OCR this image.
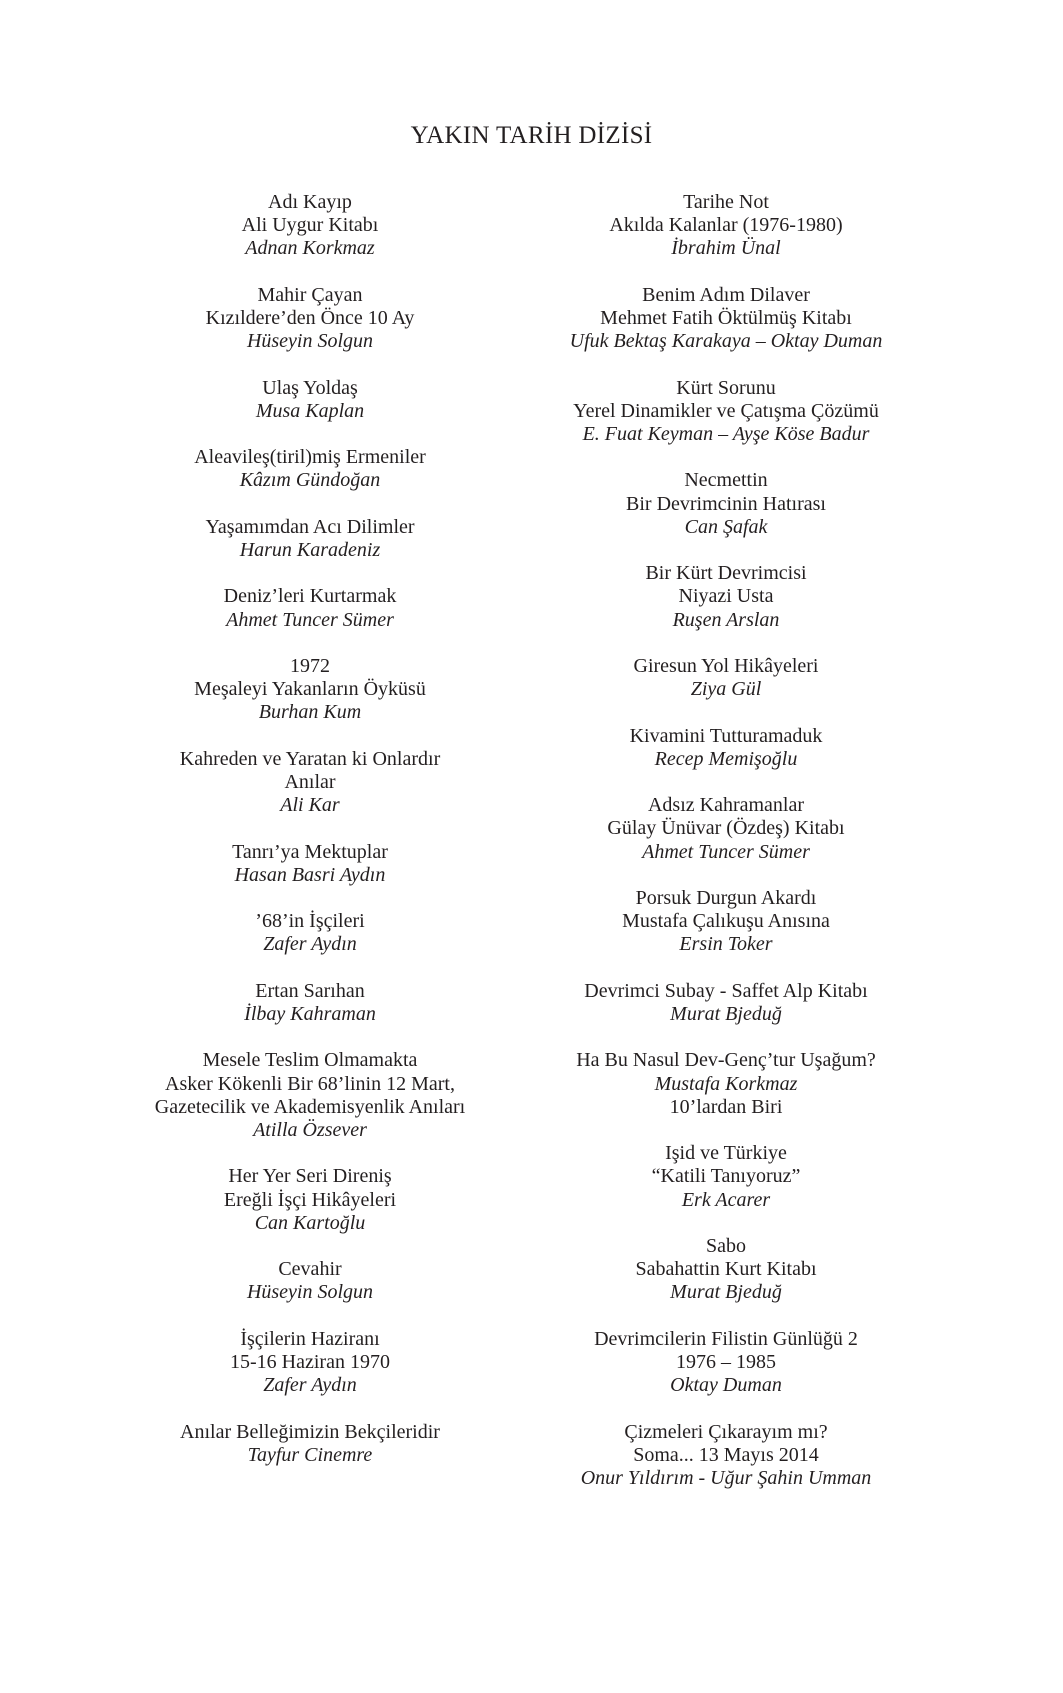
YAKIN TARİH DİZİSİ
Adı Kayıp
Ali Uygur Kitabı
Adnan Korkmaz
Mahir Çayan
Kızıldere’den Önce 10 Ay
Hüseyin Solgun
Ulaş Yoldaş
Musa Kaplan
Aleavileş(tiril)miş Ermeniler
Kâzım Gündoğan
Yaşamımdan Acı Dilimler
Harun Karadeniz
Deniz’leri Kurtarmak
Ahmet Tuncer Sümer
1972
Meşaleyi Yakanların Öyküsü
Burhan Kum
Kahreden ve Yaratan ki Onlardır
Anılar
Ali Kar
Tanrı’ya Mektuplar
Hasan Basri Aydın
’68’in İşçileri
Zafer Aydın
Ertan Sarıhan
İlbay Kahraman
Mesele Teslim Olmamakta
Asker Kökenli Bir 68’linin 12 Mart,
Gazetecilik ve Akademisyenlik Anıları
Atilla Özsever
Her Yer Seri Direniş
Ereğli İşçi Hikâyeleri
Can Kartoğlu
Cevahir
Hüseyin Solgun
İşçilerin Haziranı
15-16 Haziran 1970
Zafer Aydın
Anılar Belleğimizin Bekçileridir
Tayfur Cinemre
Tarihe Not
Akılda Kalanlar (1976-1980)
İbrahim Ünal
Benim Adım Dilaver
Mehmet Fatih Öktülmüş Kitabı
Ufuk Bektaş Karakaya – Oktay Duman
Kürt Sorunu
Yerel Dinamikler ve Çatışma Çözümü
E. Fuat Keyman – Ayşe Köse Badur
Necmettin
Bir Devrimcinin Hatırası
Can Şafak
Bir Kürt Devrimcisi
Niyazi Usta
Ruşen Arslan
Giresun Yol Hikâyeleri
Ziya Gül
Kivamini Tutturamaduk
Recep Memişoğlu
Adsız Kahramanlar
Gülay Ünüvar (Özdeş) Kitabı
Ahmet Tuncer Sümer
Porsuk Durgun Akardı
Mustafa Çalıkuşu Anısına
Ersin Toker
Devrimci Subay - Saffet Alp Kitabı
Murat Bjeduğ
Ha Bu Nasul Dev-Genç’tur Uşağum?
Mustafa Korkmaz
10’lardan Biri
Işid ve Türkiye
“Katili Tanıyoruz”
Erk Acarer
Sabo
Sabahattin Kurt Kitabı
Murat Bjeduğ
Devrimcilerin Filistin Günlüğü 2
1976 – 1985
Oktay Duman
Çizmeleri Çıkarayım mı?
Soma... 13 Mayıs 2014
Onur Yıldırım - Uğur Şahin Umman
